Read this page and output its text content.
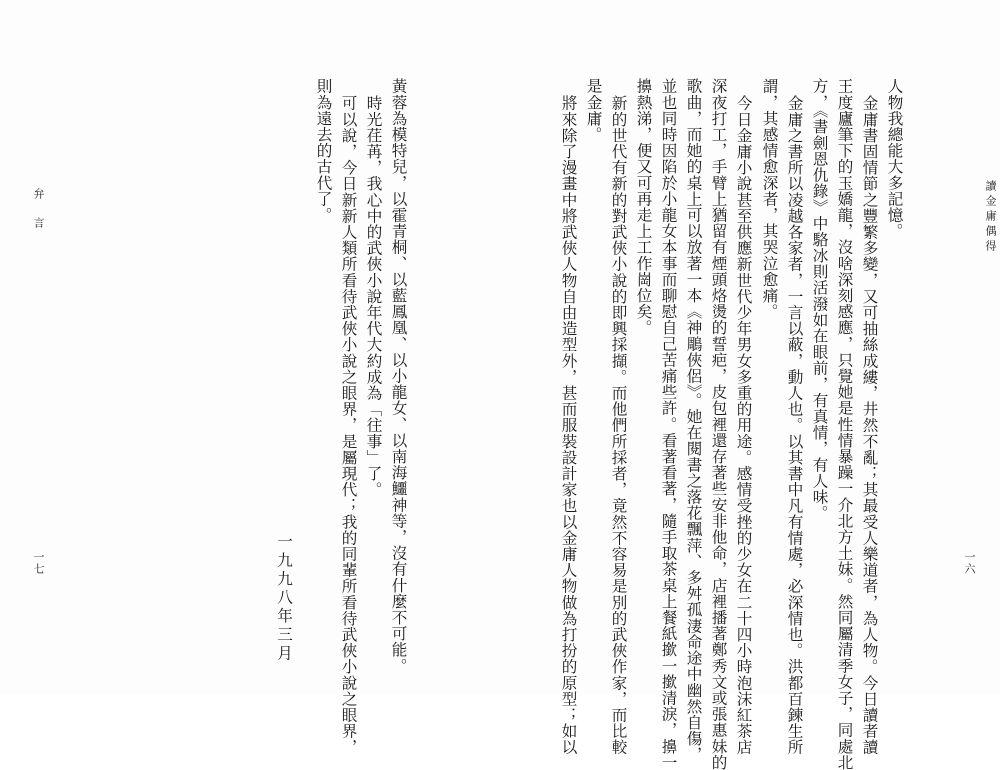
讀金庸偶得
一六
人物我總能大多記憶。
金庸書固情節之豐繁多變，又可抽絲成縷，井然不亂；其最受人樂道者，為人物。今日讀者讀
王度廬筆下的玉嬌龍，沒啥深刻感應，只覺她是性情暴躁一介北方土妹。然同屬清季女子，同處北
方，《書劍恩仇錄》中駱冰則活潑如在眼前，有真情，有人味。
金庸之書所以凌越各家者，一言以蔽，動人也。以其書中凡有情處，必深情也。洪都百鍊生所
謂，其感情愈深者，其哭泣愈痛。
今日金庸小說甚至供應新世代少年男女多重的用途。感情受挫的少女在二十四小時泡沫紅茶店
深夜打工，手臂上猶留有煙頭烙燙的誓疤，皮包裡還存著些安非他命，店裡播著鄭秀文或張惠妹的
歌曲，而她的桌上可以放著一本《神鵰俠侶》。她在閱書之落花飄萍、多舛孤淒命途中幽然自傷，
並也同時因陷於小龍女本事而聊慰自己苦痛些許。看著看著，隨手取茶桌上餐紙撳一撳清淚，擤一
擤熱涕，便又可再走上工作崗位矣。
新的世代有新的對武俠小說的即興採擷。而他們所採者，竟然不容易是別的武俠作家，而比較
是金庸。
將來除了漫畫中將武俠人物自由造型外，甚而服裝設計家也以金庸人物做為打扮的原型；如以
弁言
一七	黃蓉為模特兒，以霍青桐、以藍鳳凰、以小龍女、以南海鱷神等，沒有什麼不可能。
時光荏苒，我心中的武俠小說年代大約成為「往事」了。
可以說，今日新新人類所看待武俠小說之眼界，是屬現代；我的同輩所看待武俠小說之眼界，
則為遠去的古代了。
一九九八年三月
